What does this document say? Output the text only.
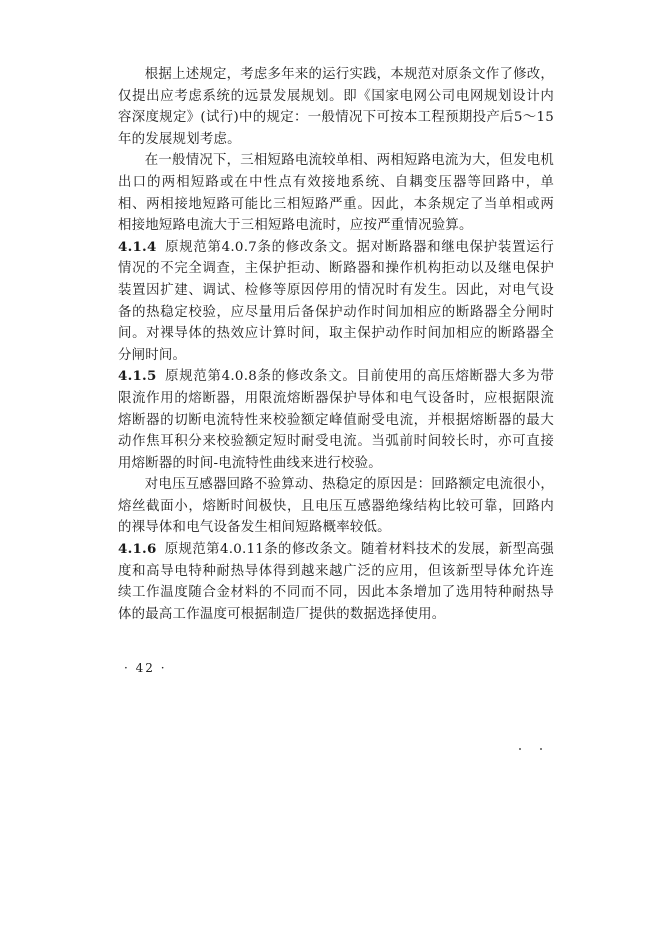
根据上述规定，考虑多年来的运行实践，本规范对原条文作了修改，仅提出应考虑系统的远景发展规划。即《国家电网公司电网规划设计内容深度规定》(试行)中的规定：一般情况下可按本工程预期投产后5～15年的发展规划考虑。

在一般情况下，三相短路电流较单相、两相短路电流为大，但发电机出口的两相短路或在中性点有效接地系统、自耦变压器等回路中，单相、两相接地短路可能比三相短路严重。因此，本条规定了当单相或两相接地短路电流大于三相短路电流时，应按严重情况验算。

4.1.4 原规范第4.0.7条的修改条文。据对断路器和继电保护装置运行情况的不完全调查，主保护拒动、断路器和操作机构拒动以及继电保护装置因扩建、调试、检修等原因停用的情况时有发生。因此，对电气设备的热稳定校验，应尽量用后备保护动作时间加相应的断路器全分闸时间。对裸导体的热效应计算时间，取主保护动作时间加相应的断路器全分闸时间。

4.1.5 原规范第4.0.8条的修改条文。目前使用的高压熔断器大多为带限流作用的熔断器，用限流熔断器保护导体和电气设备时，应根据限流熔断器的切断电流特性来校验额定峰值耐受电流，并根据熔断器的最大动作焦耳积分来校验额定短时耐受电流。当弧前时间较长时，亦可直接用熔断器的时间-电流特性曲线来进行校验。

对电压互感器回路不验算动、热稳定的原因是：回路额定电流很小，熔丝截面小，熔断时间极快，且电压互感器绝缘结构比较可靠，回路内的裸导体和电气设备发生相间短路概率较低。

4.1.6 原规范第4.0.11条的修改条文。随着材料技术的发展，新型高强度和高导电特种耐热导体得到越来越广泛的应用，但该新型导体允许连续工作温度随合金材料的不同而不同，因此本条增加了选用特种耐热导体的最高工作温度可根据制造厂提供的数据选择使用。

· 42 ·
